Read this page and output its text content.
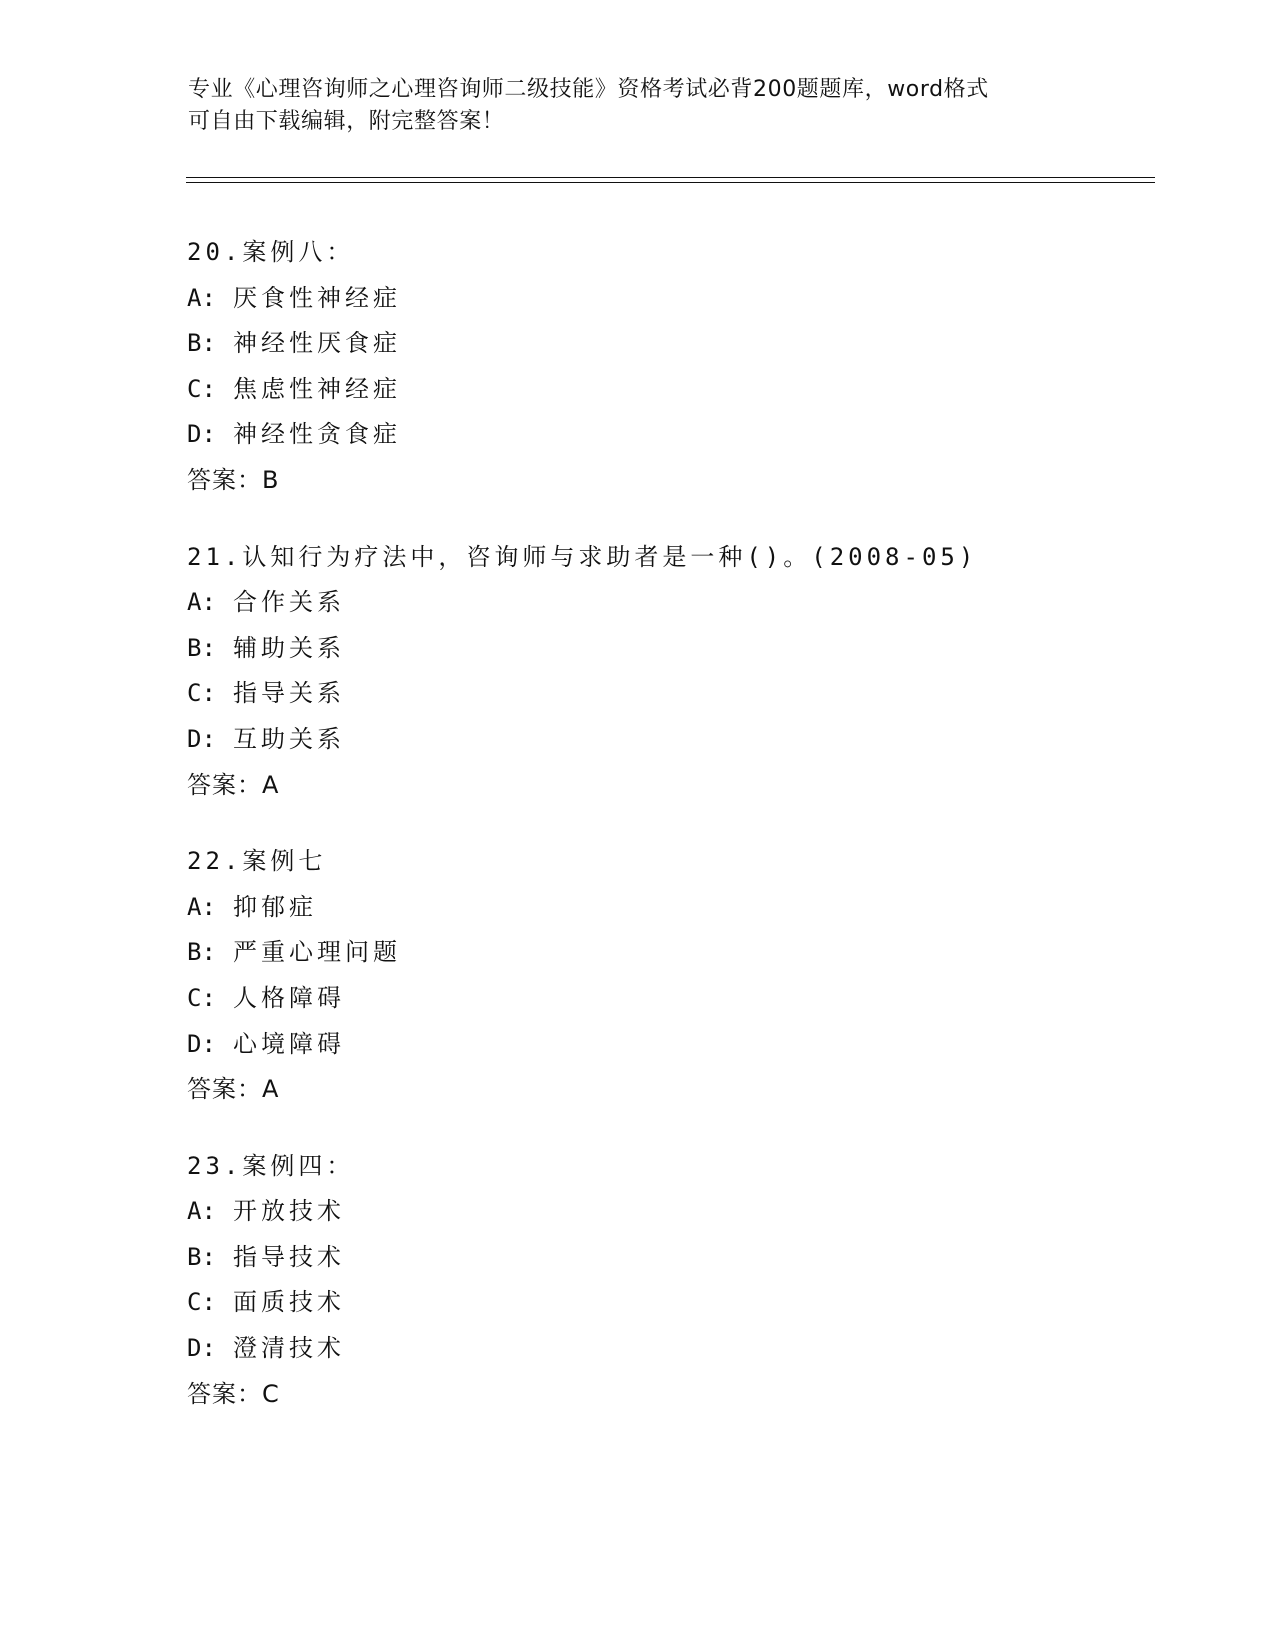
专业《心理咨询师之心理咨询师二级技能》资格考试必背200题题库，word格式
可自由下载编辑，附完整答案！
20.案例八：
A: 厌食性神经症
B: 神经性厌食症
C: 焦虑性神经症
D: 神经性贪食症
答案：B
21.认知行为疗法中，咨询师与求助者是一种()。(2008-05)
A: 合作关系
B: 辅助关系
C: 指导关系
D: 互助关系
答案：A
22.案例七
A: 抑郁症
B: 严重心理问题
C: 人格障碍
D: 心境障碍
答案：A
23.案例四：
A: 开放技术
B: 指导技术
C: 面质技术
D: 澄清技术
答案：C
